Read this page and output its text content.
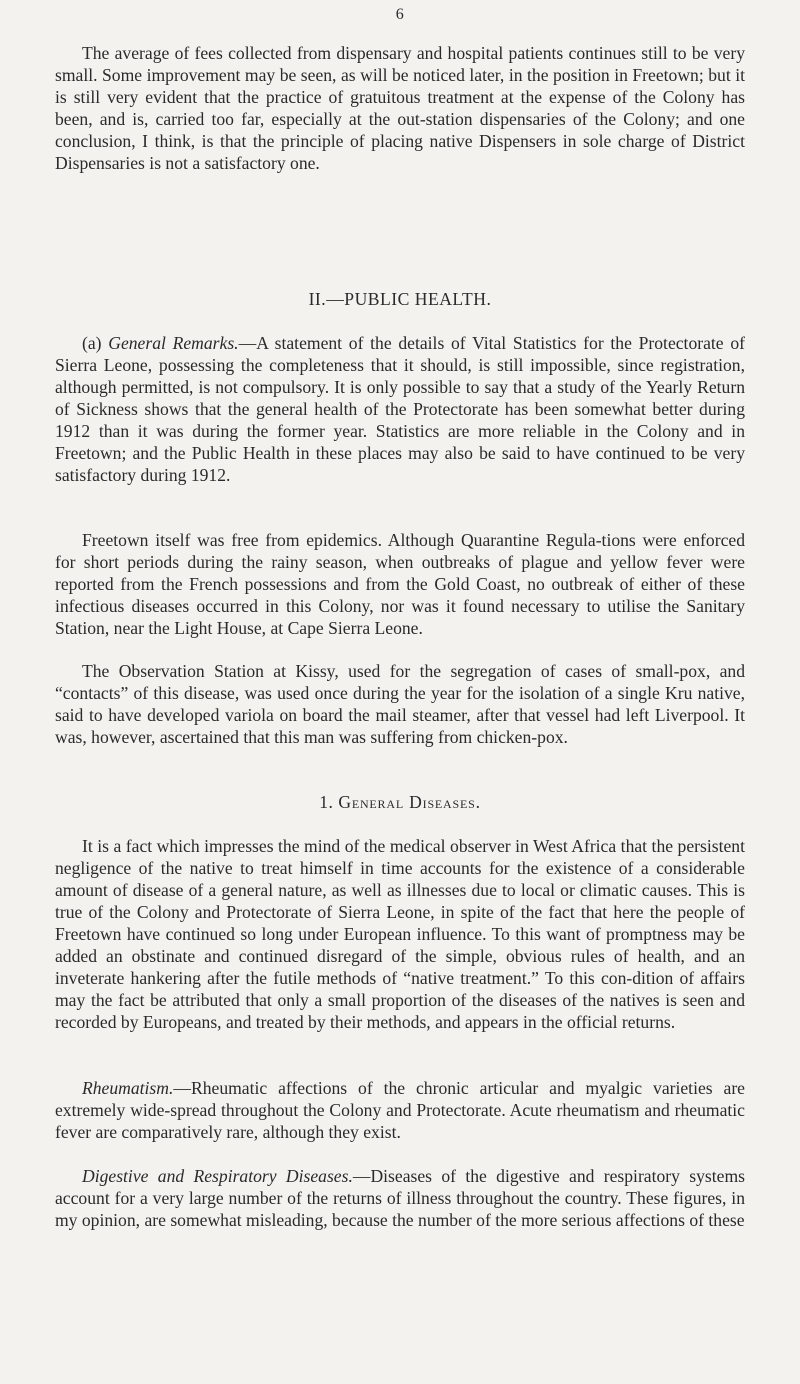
6

The average of fees collected from dispensary and hospital patients continues still to be very small. Some improvement may be seen, as will be noticed later, in the position in Freetown; but it is still very evident that the practice of gratuitous treatment at the expense of the Colony has been, and is, carried too far, especially at the out-station dispensaries of the Colony; and one conclusion, I think, is that the principle of placing native Dispensers in sole charge of District Dispensaries is not a satisfactory one.

II.—PUBLIC HEALTH.

(a) General Remarks.—A statement of the details of Vital Statistics for the Protectorate of Sierra Leone, possessing the completeness that it should, is still impossible, since registration, although permitted, is not compulsory. It is only possible to say that a study of the Yearly Return of Sickness shows that the general health of the Protectorate has been somewhat better during 1912 than it was during the former year. Statistics are more reliable in the Colony and in Freetown; and the Public Health in these places may also be said to have continued to be very satisfactory during 1912.

Freetown itself was free from epidemics. Although Quarantine Regula-tions were enforced for short periods during the rainy season, when outbreaks of plague and yellow fever were reported from the French possessions and from the Gold Coast, no outbreak of either of these infectious diseases occurred in this Colony, nor was it found necessary to utilise the Sanitary Station, near the Light House, at Cape Sierra Leone.

The Observation Station at Kissy, used for the segregation of cases of small-pox, and “contacts” of this disease, was used once during the year for the isolation of a single Kru native, said to have developed variola on board the mail steamer, after that vessel had left Liverpool. It was, however, ascertained that this man was suffering from chicken-pox.

1. General Diseases.

It is a fact which impresses the mind of the medical observer in West Africa that the persistent negligence of the native to treat himself in time accounts for the existence of a considerable amount of disease of a general nature, as well as illnesses due to local or climatic causes. This is true of the Colony and Protectorate of Sierra Leone, in spite of the fact that here the people of Freetown have continued so long under European influence. To this want of promptness may be added an obstinate and continued disregard of the simple, obvious rules of health, and an inveterate hankering after the futile methods of “native treatment.” To this con-dition of affairs may the fact be attributed that only a small proportion of the diseases of the natives is seen and recorded by Europeans, and treated by their methods, and appears in the official returns.

Rheumatism.—Rheumatic affections of the chronic articular and myalgic varieties are extremely wide-spread throughout the Colony and Protectorate. Acute rheumatism and rheumatic fever are comparatively rare, although they exist.

Digestive and Respiratory Diseases.—Diseases of the digestive and respiratory systems account for a very large number of the returns of illness throughout the country. These figures, in my opinion, are somewhat misleading, because the number of the more serious affections of these
